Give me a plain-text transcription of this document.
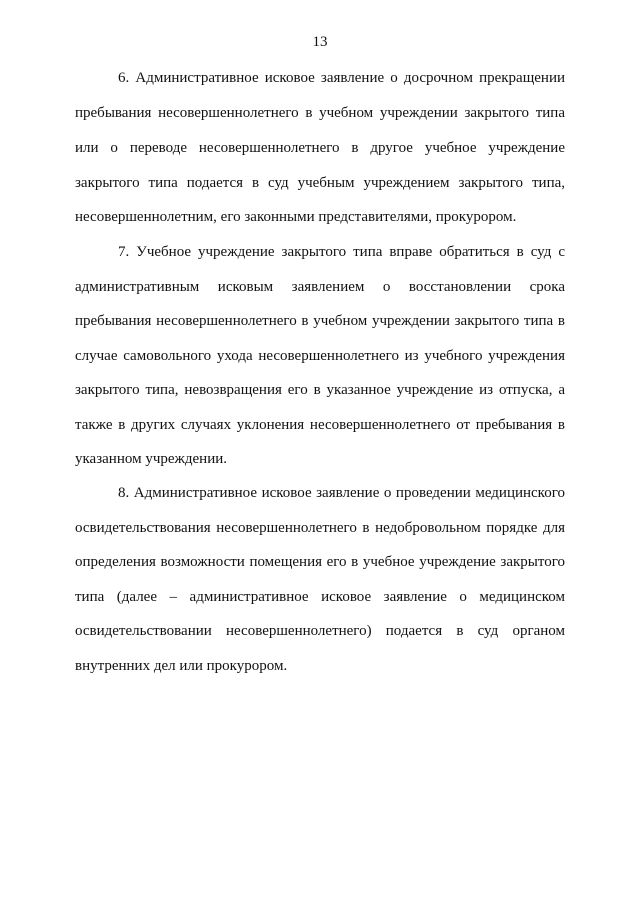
13
6. Административное исковое заявление о досрочном прекращении
пребывания несовершеннолетнего в учебном учреждении закрытого типа
или о переводе несовершеннолетнего в другое учебное учреждение
закрытого типа подается в суд учебным учреждением закрытого типа,
несовершеннолетним, его законными представителями, прокурором.
7. Учебное учреждение закрытого типа вправе обратиться в суд с
административным исковым заявлением о восстановлении срока
пребывания несовершеннолетнего в учебном учреждении закрытого типа в
случае самовольного ухода несовершеннолетнего из учебного учреждения
закрытого типа, невозвращения его в указанное учреждение из отпуска, а
также в других случаях уклонения несовершеннолетнего от пребывания в
указанном учреждении.
8. Административное исковое заявление о проведении медицинского
освидетельствования несовершеннолетнего в недобровольном порядке для
определения возможности помещения его в учебное учреждение закрытого
типа (далее – административное исковое заявление о медицинском
освидетельствовании несовершеннолетнего) подается в суд органом
внутренних дел или прокурором.
